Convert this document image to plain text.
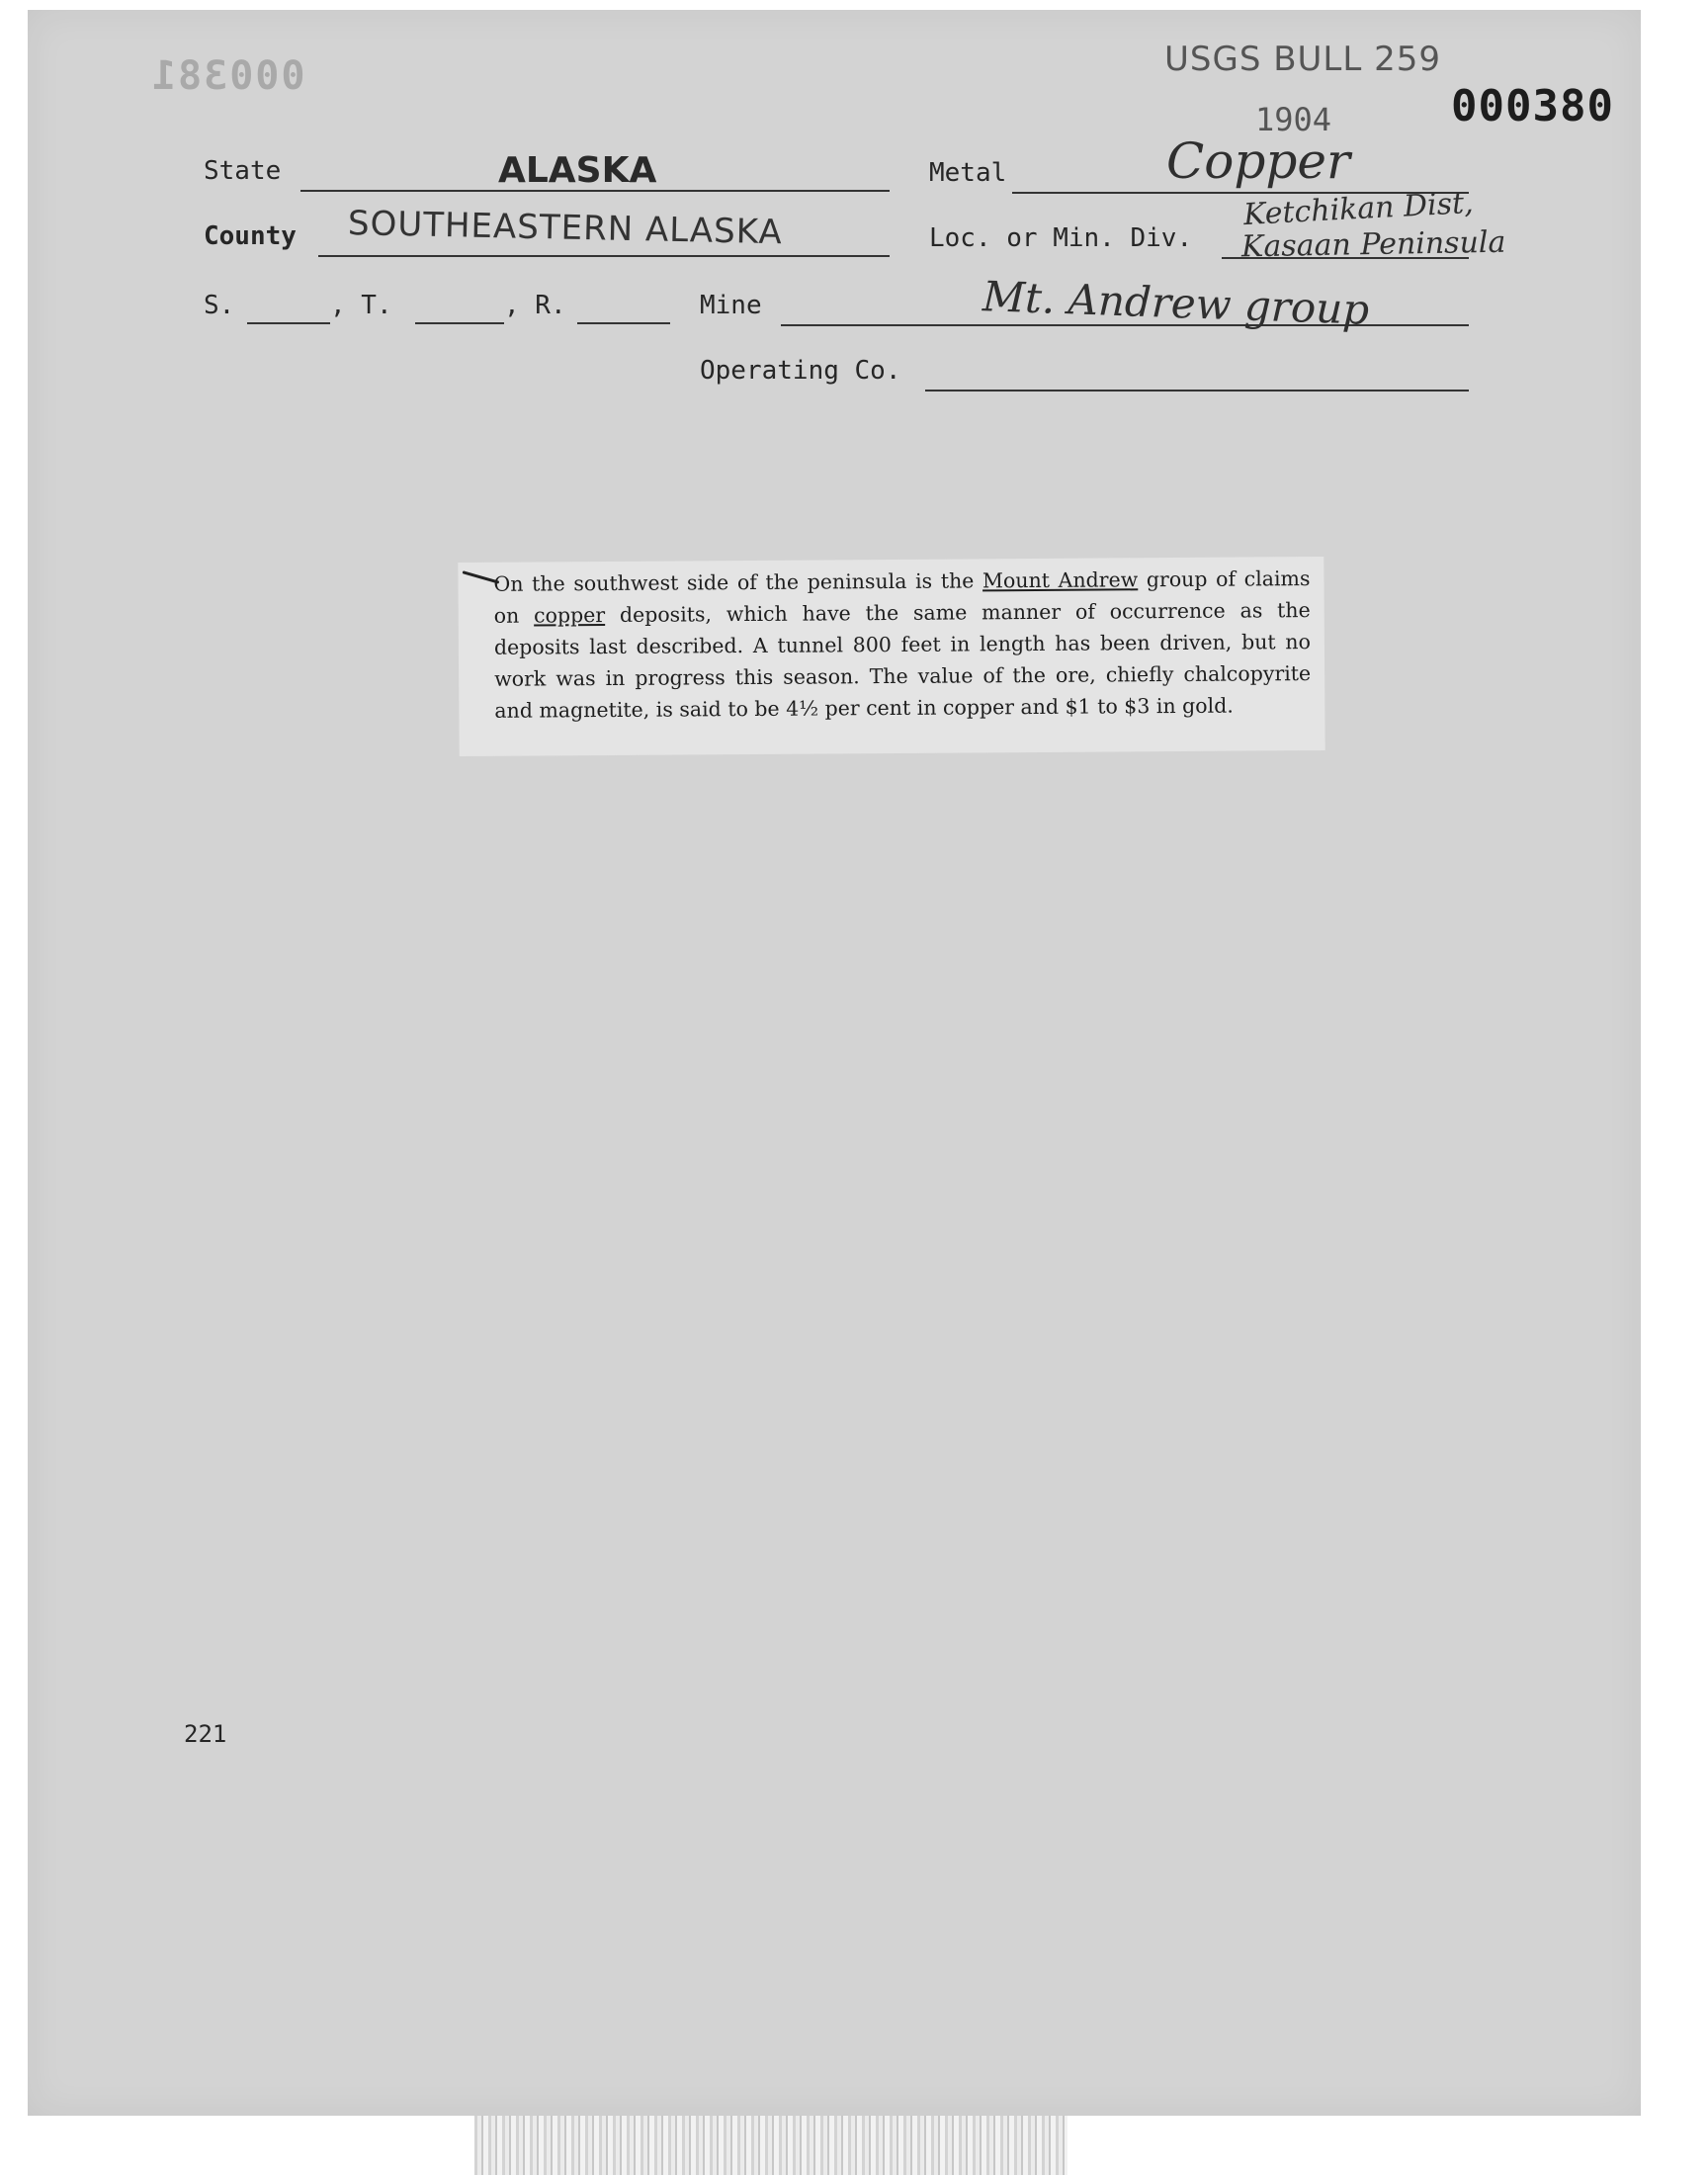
000381	USGS BULL 259
1904	000380
State	ALASKA	Metal	Copper
County SOUTHEASTERN ALASKA	Loc. or Min. Div.
Ketchikan Dist,
Kasaan Peninsula
S.	, T.	, R.	Mine	Mt. Andrew group
Operating Co.
On the southwest side of the peninsula is the Mount Andrew group of claims on copper deposits, which have the same manner of occurrence as the deposits last described. A tunnel 800 feet in length has been driven, but no work was in progress this season. The value of the ore, chiefly chalcopyrite and magnetite, is said to be 4½ per cent in copper and $1 to $3 in gold.
221
